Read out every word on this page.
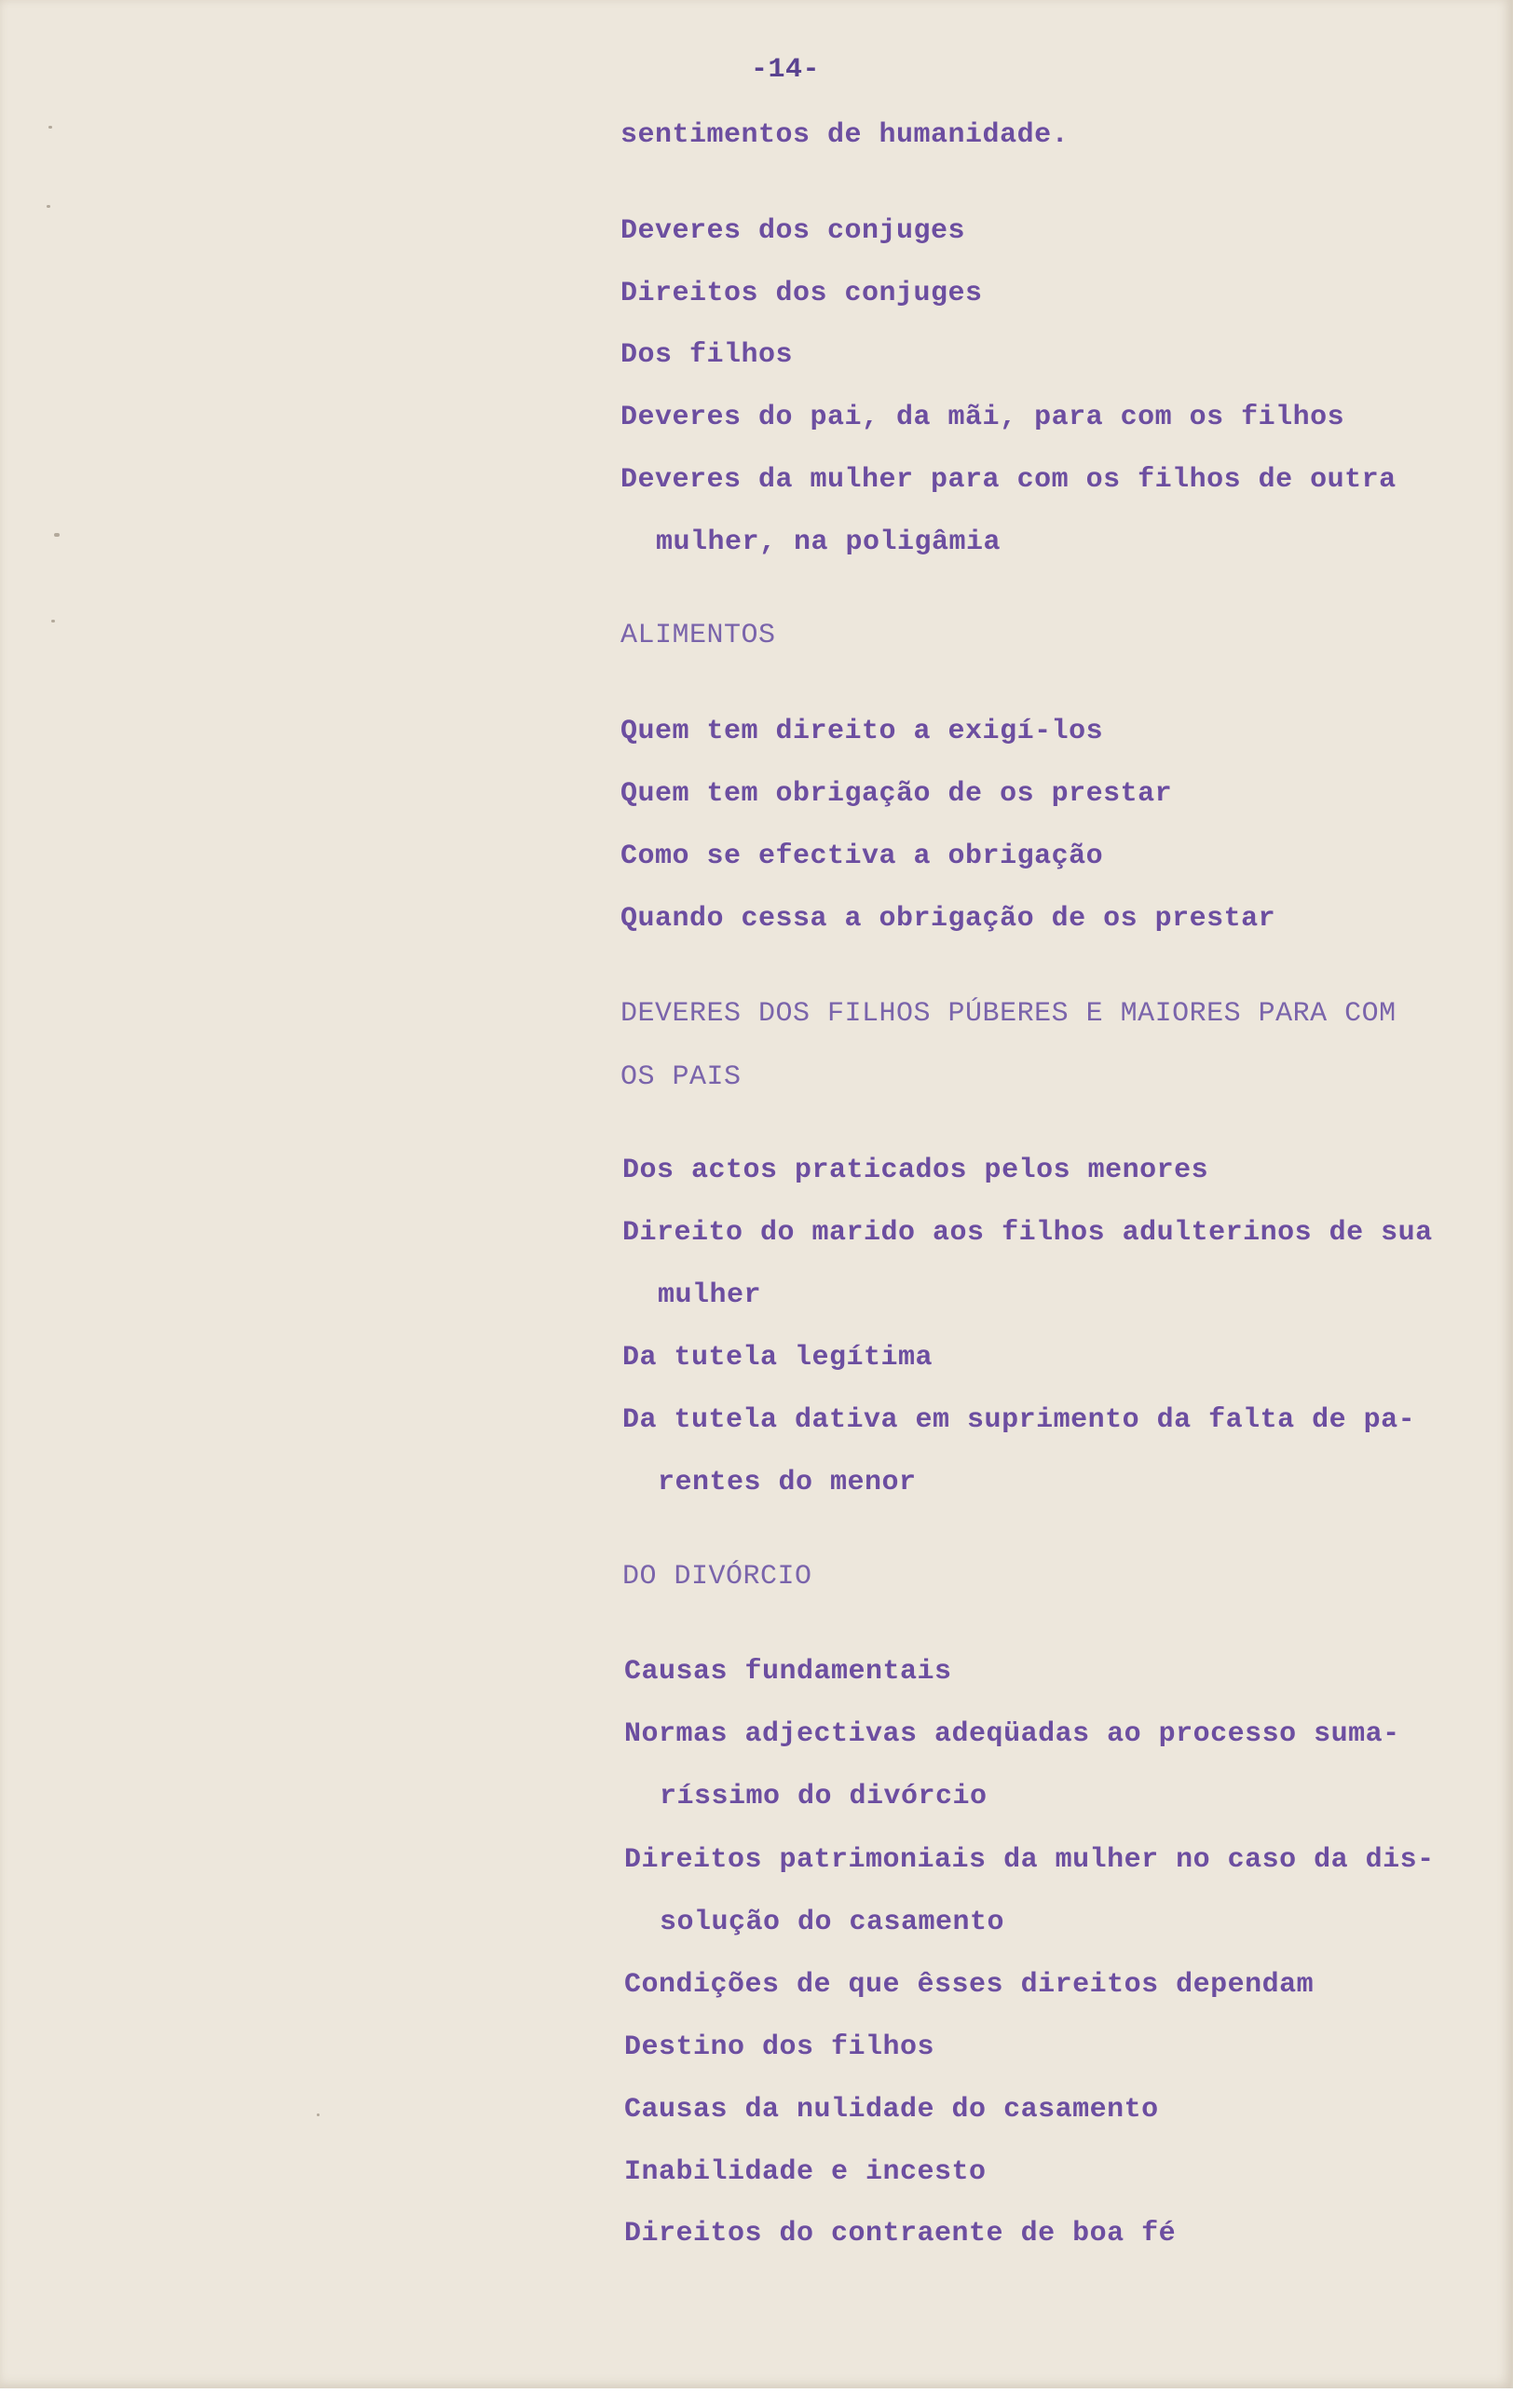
-14-
sentimentos de humanidade.
Deveres dos conjuges
Direitos dos conjuges
Dos filhos
Deveres do pai, da mãi, para com os filhos
Deveres da mulher para com os filhos de outra
mulher, na poligâmia
ALIMENTOS
Quem tem direito a exigí-los
Quem tem obrigação de os prestar
Como se efectiva a obrigação
Quando cessa a obrigação de os prestar
DEVERES DOS FILHOS PÚBERES E MAIORES PARA COM
OS PAIS
Dos actos praticados pelos menores
Direito do marido aos filhos adulterinos de sua
mulher
Da tutela legítima
Da tutela dativa em suprimento da falta de pa-
rentes do menor
DO DIVÓRCIO
Causas fundamentais
Normas adjectivas adeqüadas ao processo suma-
ríssimo do divórcio
Direitos patrimoniais da mulher no caso da dis-
solução do casamento
Condições de que êsses direitos dependam
Destino dos filhos
Causas da nulidade do casamento
Inabilidade e incesto
Direitos do contraente de boa fé
